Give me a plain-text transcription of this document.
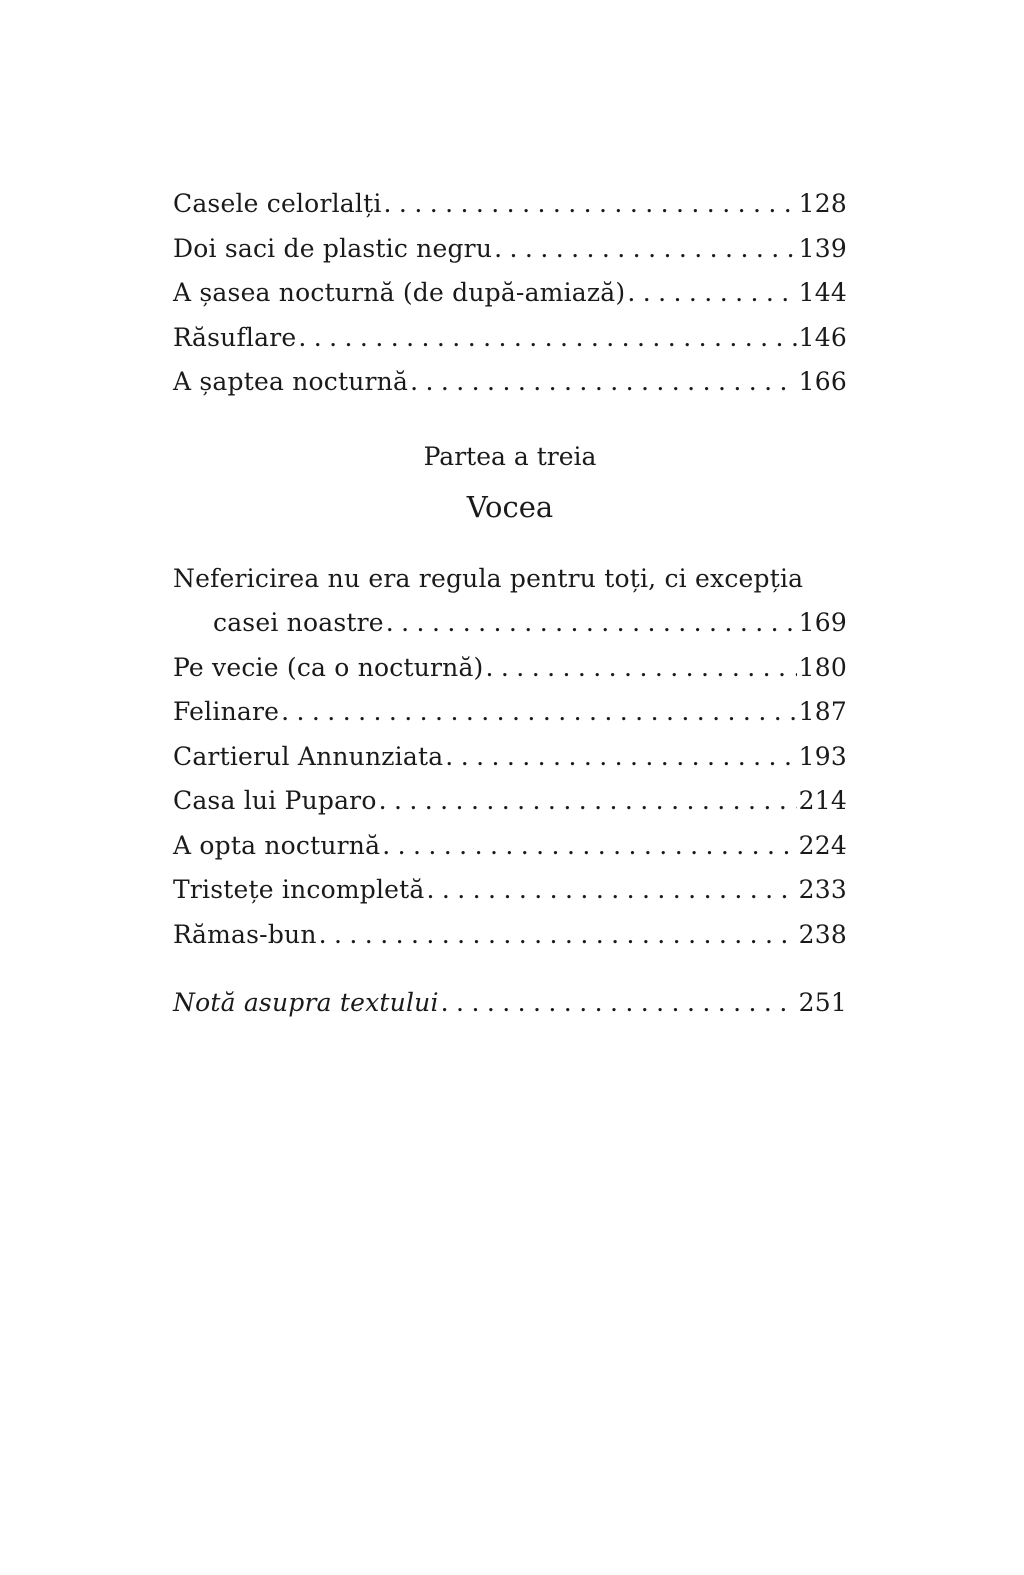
Casele celorlalți . . .	128
Doi saci de plastic negru . . .	139
A șasea nocturnă (de după-amiază) . . .	144
Răsuflare . . .	146
A șaptea nocturnă . . .	166
Partea a treia
Vocea
Nefericirea nu era regula pentru toți, ci excepția
casei noastre . . .	169
Pe vecie (ca o nocturnă) . . .	180
Felinare . . .	187
Cartierul Annunziata . . .	193
Casa lui Puparo . . .	214
A opta nocturnă . . .	224
Tristețe incompletă . . .	233
Rămas-bun . . .	238
Notă asupra textului . . .	251
